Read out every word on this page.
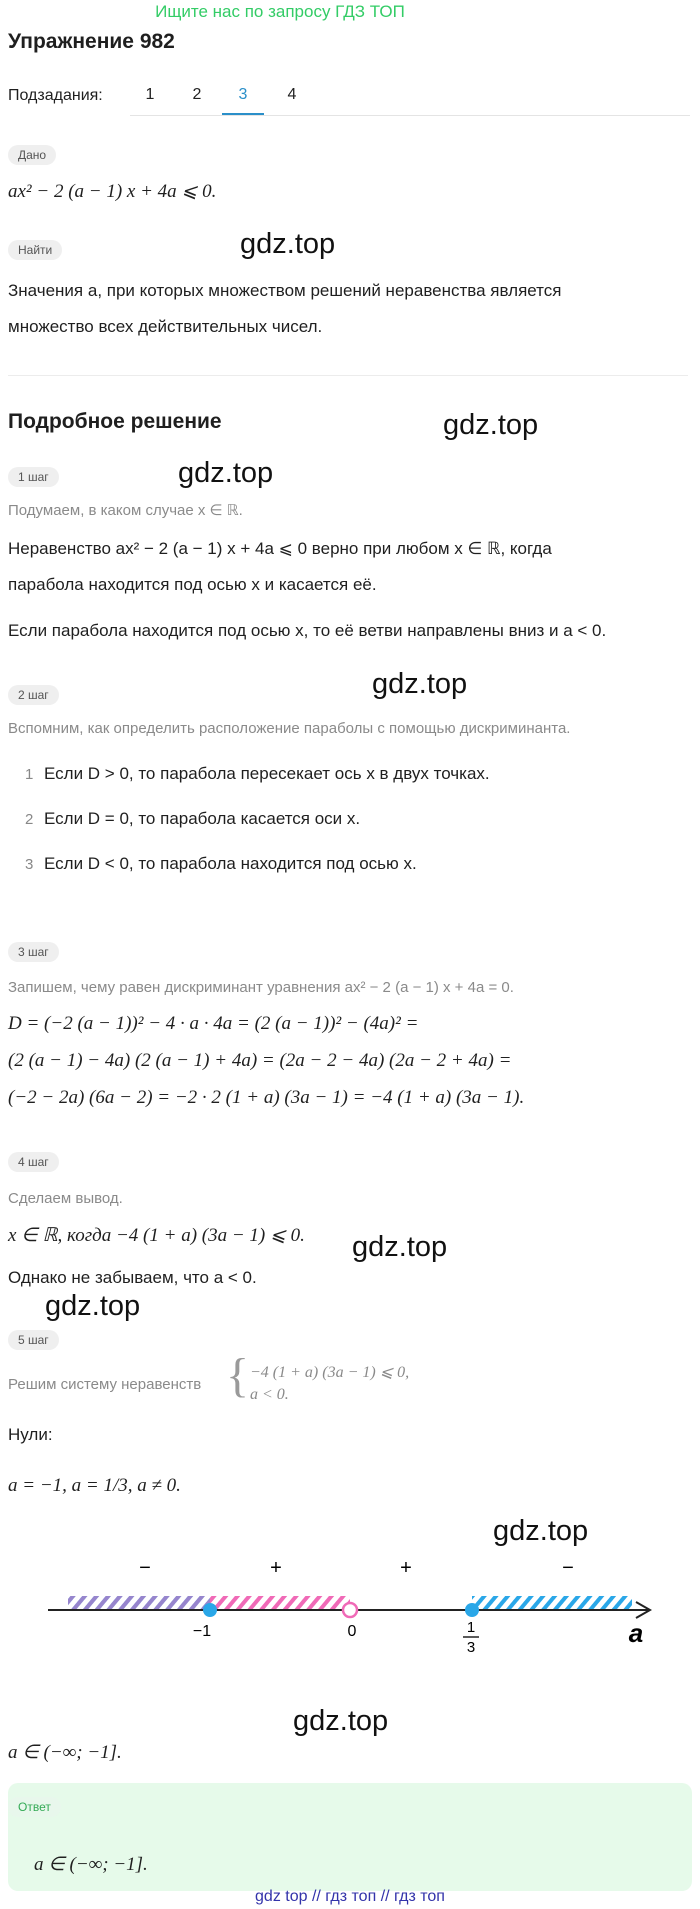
Ищите нас по запросу ГДЗ ТОП
Упражнение 982
Подзадания:	1	2	3	4
Дано
ax² − 2 (a − 1) x + 4a ⩽ 0.
Найти	gdz.top
Значения a, при которых множеством решений неравенства является
множество всех действительных чисел.
Подробное решение	gdz.top
1 шаг	gdz.top
Подумаем, в каком случае x ∈ ℝ.
Неравенство ax² − 2 (a − 1) x + 4a ⩽ 0 верно при любом x ∈ ℝ, когда
парабола находится под осью x и касается её.
Если парабола находится под осью x, то её ветви направлены вниз и a < 0.
2 шаг	gdz.top
Вспомним, как определить расположение параболы с помощью дискриминанта.
1 Если D > 0, то парабола пересекает ось x в двух точках.
2 Если D = 0, то парабола касается оси x.
3 Если D < 0, то парабола находится под осью x.
3 шаг
Запишем, чему равен дискриминант уравнения ax² − 2 (a − 1) x + 4a = 0.
D = (−2 (a − 1))² − 4 · a · 4a = (2 (a − 1))² − (4a)² =
(2 (a − 1) − 4a) (2 (a − 1) + 4a) = (2a − 2 − 4a) (2a − 2 + 4a) =
(−2 − 2a) (6a − 2) = −2 · 2 (1 + a) (3a − 1) = −4 (1 + a) (3a − 1).
4 шаг
Сделаем вывод.
x ∈ ℝ, когда −4 (1 + a) (3a − 1) ⩽ 0. gdz.top
Однако не забываем, что a < 0.
gdz.top
5 шаг
Решим систему неравенств { −4 (1 + a) (3a − 1) ⩽ 0,
a < 0.
Нули:
a = −1, a = 1/3, a ≠ 0.
gdz.top
−	+	+	−
−1	0	1
3	a
gdz.top
a ∈ (−∞; −1].
Ответ
a ∈ (−∞; −1].
gdz top // гдз топ // гдз топ
